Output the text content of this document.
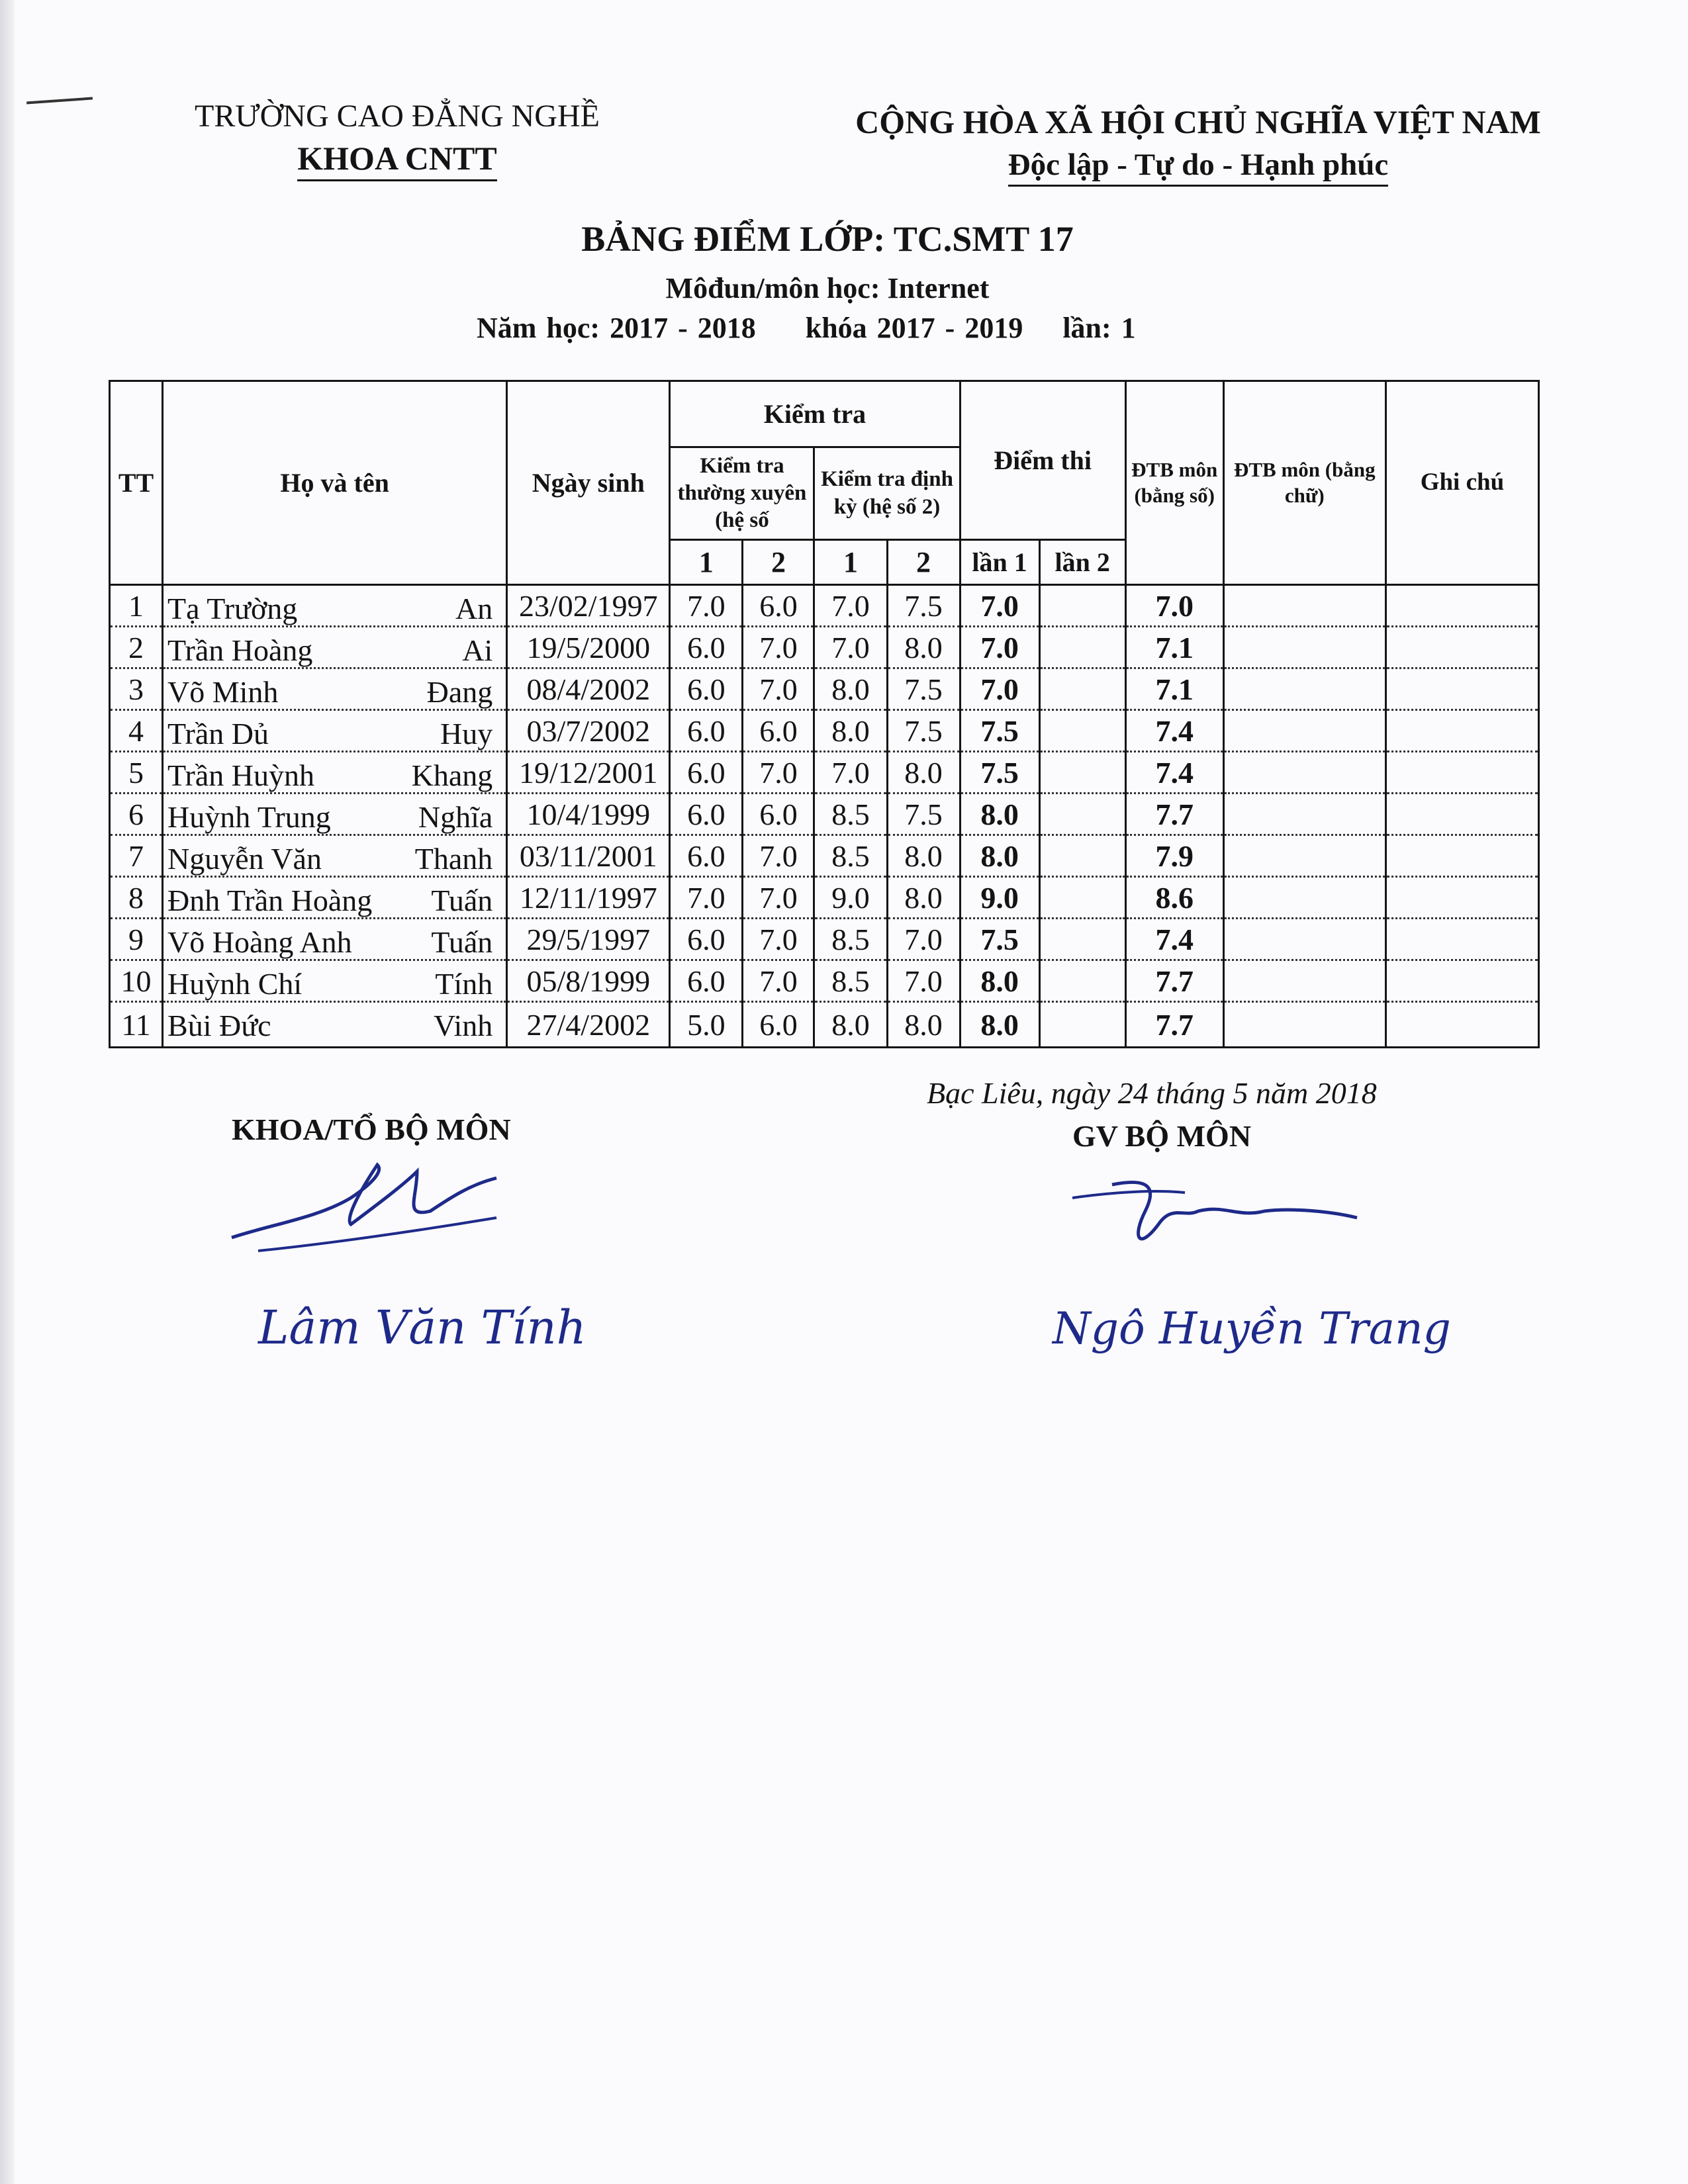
TRƯỜNG CAO ĐẲNG NGHỀ
KHOA CNTT
CỘNG HÒA XÃ HỘI CHỦ NGHĨA VIỆT NAM
Độc lập - Tự do - Hạnh phúc
BẢNG ĐIỂM LỚP: TC.SMT 17
Môđun/môn học: Internet
Năm học: 2017 - 2018 khóa 2017 - 2019 lần: 1
TT	Họ và tên	Ngày sinh	Kiểm tra				Điểm thi		ĐTB môn (bằng số)	ĐTB môn (bằng chữ)	Ghi chú
			Kiểm tra thường xuyên (hệ số		Kiểm tra định kỳ (hệ số 2)						
			1	2	1	2	lần 1	lần 2			
1	Tạ Trường An	23/02/1997	7.0	6.0	7.0	7.5	7.0		7.0		
2	Trần Hoàng Ai	19/5/2000	6.0	7.0	7.0	8.0	7.0		7.1		
3	Võ Minh Đang	08/4/2002	6.0	7.0	8.0	7.5	7.0		7.1		
4	Trần Dủ Huy	03/7/2002	6.0	6.0	8.0	7.5	7.5		7.4		
5	Trần Huỳnh Khang	19/12/2001	6.0	7.0	7.0	8.0	7.5		7.4		
6	Huỳnh Trung Nghĩa	10/4/1999	6.0	6.0	8.5	7.5	8.0		7.7		
7	Nguyễn Văn Thanh	03/11/2001	6.0	7.0	8.5	8.0	8.0		7.9		
8	Đnh Trần Hoàng Tuấn	12/11/1997	7.0	7.0	9.0	8.0	9.0		8.6		
9	Võ Hoàng Anh Tuấn	29/5/1997	6.0	7.0	8.5	7.0	7.5		7.4		
10	Huỳnh Chí Tính	05/8/1999	6.0	7.0	8.5	7.0	8.0		7.7		
11	Bùi Đức Vinh	27/4/2002	5.0	6.0	8.0	8.0	8.0		7.7		
Bạc Liêu, ngày 24 tháng 5 năm 2018
KHOA/TỔ BỘ MÔN	GV BỘ MÔN
Lâm Văn Tính	Ngô Huyền Trang
